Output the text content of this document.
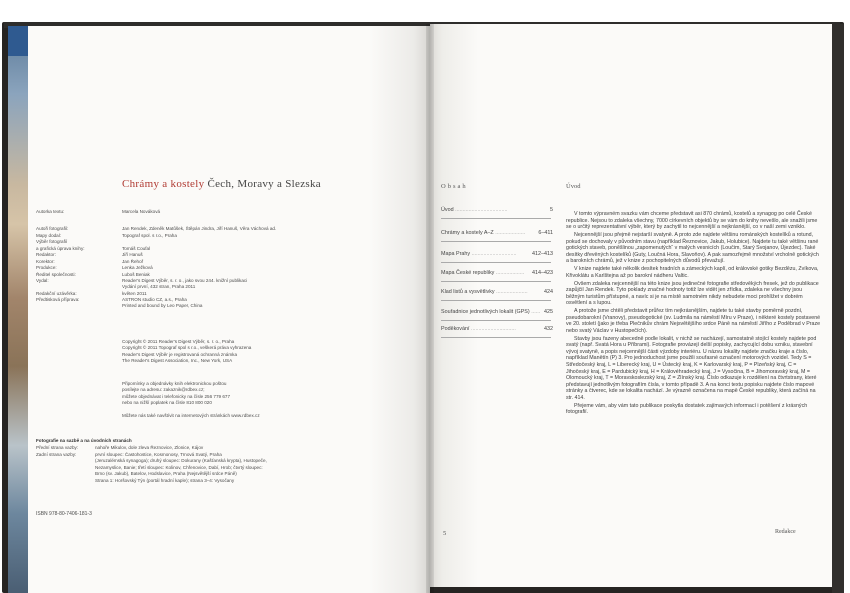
Chrámy a kostely Čech, Moravy a Slezska
Autorka textu:	Marcela Nováková
Autoři fotografií:	Jan Rendek, Zdeněk Matůšek, Štěpán Jindra, Jiří Hanuš, Věra Váchová ad.
Mapy dodal:	Topograf spol. s r.o., Praha
Výběr fotografií
a grafická úprava knihy:	Tomáš Coufal
Redaktor:	Jiří Hanuš
Korektor:	Jan Řehoř
Produkce:	Lenka Ježková
Ředitel společnosti:	Luboš Beniak
Vydal:	Reader's Digest Výběr, s. r. o., jako svou 244. knižní publikaci
Vydání první, 432 stran, Praha 2011
Redakční uzávěrka:	květen 2011
Předtisková příprava:	ASTRON studio CZ, a.s., Praha
Printed and bound by Leo Paper, China
Copyright © 2011 Reader's Digest Výběr, s. r. o., Praha
Copyright © 2011 Topograf spol s r.o., veškerá práva vyhrazena
Reader's Digest Výběr je registrovaná ochranná známka
The Reader's Digest Association, Inc., New York, USA
Připomínky a objednávky knih elektronickou poštou
posílejte na adresu: zakaznik@rdbex.cz;
můžete objednávat i telefonicky na čísle 256 779 677
nebo na nižší poplatek na čísle 810 800 020
Můžete nás také navštívit na internetových stránkách www.rdbex.cz
Fotografie na sazbě a na úvodních stranách
Přední strana vazby:	nahoře Mikulov, dole zleva Řeznovice, Zlonice, Kájov
Zadní strana vazby:	první sloupec: Častohostice, Kosmonosy, Trnová Svatý, Praha
(Jeruzalémská synagoga); druhý sloupec: Dokurany (Kašťanská krypta), Hustopeče,
Nezamyslice, Banie; třetí sloupec: Kolinov, Chřenovice, Dabí, Hrob; čtvrtý sloupec:
Brno (sv. Jakub), Batelov, Hodslavice, Praha (Nejsvětější srdce Páně)
Strana 1: Horšovský Týn (portál hradní kaple); strana 3–4: Vysočany
ISBN 978-80-7406-181-3
Obsah
Úvod ...................................	5
Chrámy a kostely A–Z .................... 6–411
Mapa Prahy ..............................	412–413
Mapa České republiky ................... 414–423
Klad listů a vysvětlivky .....................	424
Souřadnice jednotlivých lokalit (GPS) ...... 425
Poděkování ..............................	432
Úvod

V tomto výpravném svazku vám chceme představit asi 870 chrámů, kostelů a synagog po celé České republice. Nejsou to zdaleka všechny, 7000 církevních objektů by se vám do knihy nevešlo, ale snažili jsme se o určitý reprezentativní výběr, který by zachytil to nejcennější a nejkrásnější, co v naší zemi vzniklo.

Nejcennější jsou přejmě nejstarší svatyně. A proto zde najdete většinu románských kostelíků a rotund, pokud se dochovaly v původním stavu (například Řeznovice, Jakub, Holubice). Najdete tu také většinu rané gotických staveb, poněšlinou „zapomenutých“ v malých vesnicích (Loučim, Starý Svojanov, Újezdec). Také desítky dřevěných kostelíků (Guty, Loučná Hora, Slavoňov). A pak samozřejmě množství vrcholně gotických a barokních chrámů, jež v knize z pochopitelných důvodů převažují.

V knize najdete také několik desítek hradních a zámeckých kaplí, od královské gotiky Bezdězu, Zvíkova, Křivoklátu a Karlštejna až po barokní nádheru Valtic.

Ovšem zdaleka nejcennější na této knize jsou jedinečné fotografie středověkých fresek, jež do publikace zapůjčil Jan Rendek. Tyto poklady značné hodnoty totiž lze vidět jen zřídka, zdaleka ne všechny jsou běžným turistům přístupné, a navíc si je na místě samotném nikdy nebudete moci prohlížet v dobrém osvětlení a s lupou.

A protože jsme chtěli představit průřez tím nejkrásnějším, najdete tu také stavby poměrně pozdní, pseudobarokní (Vranovy), pseudogotické (sv. Ludmila na náměstí Míru v Praze), i některé kostely postavené ve 20. století (jako je třeba Plečnikův chrám Nejsvětějšího srdce Páně na náměstí Jiřího z Poděbrad v Praze nebo svatý Václav v Hustopečích).

Stavby jsou řazeny abecedně podle lokalit, v nichž se nacházejí, samostatně stojící kostely najdete pod svatý (např. Svatá Hora u Příbrami). Fotografie provázejí delší popisky, zachycující dobu vzniku, stavební vývoj svatyně, a popis nejcennější části výzdoby interiéru. U názvu lokality najdete značku kraje a číslo, například Manětín (P) 3. Pro jednoduchost jsme použili souřasné označení motorových vozidel. Tedy S = Středočeský kraj, L = Liberecký kraj, U = Ústecký kraj, K = Karlovarský kraj, P = Plzeňský kraj, C = Jihočeský kraj, E = Pardubický kraj, H = Královéhradecký kraj, J = Vysočina, B = Jihomoravský kraj, M = Olomoucký kraj, T = Moravskoslezský kraj, Z = Zlínský kraj. Číslo odkazuje k rozdělení na čtvrtstrany, které představují jednotlivým fotografiím čísla, v tomto případě 3. A na konci textu popisku najdete číslo mapové stránky a čtverec, kde se lokalita nachází. Je výrazně označena na mapě České republiky, která začíná na str. 414.

Přejeme vám, aby vám tato publikace poskytla dostatek zajímavých informací i potěšení z krásných fotografií.

Redakce
5
